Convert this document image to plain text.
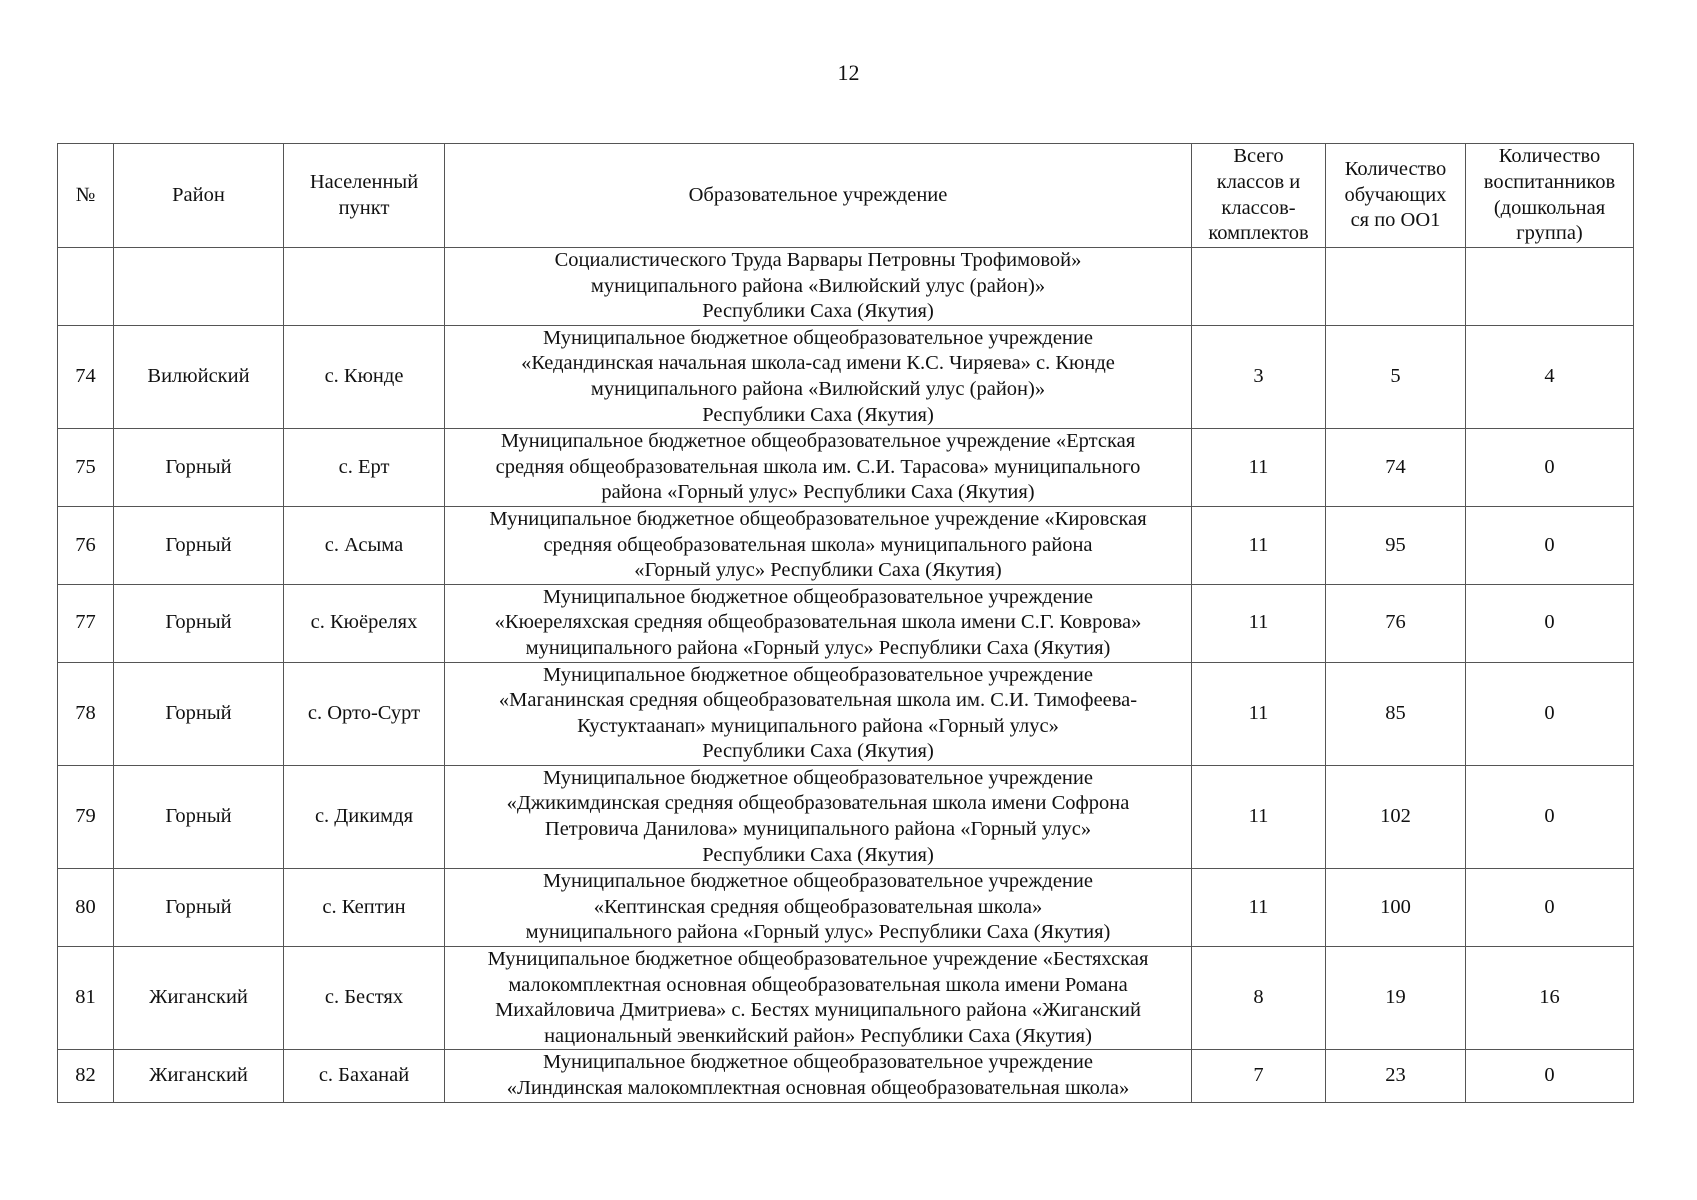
12
№	Район	Населенный
пункт	Образовательное учреждение	Всего
классов и
классов-
комплектов	Количество
обучающих
ся по ОО1	Количество
воспитанников
(дошкольная
группа)
			Социалистического Труда Варвары Петровны Трофимовой»
муниципального района «Вилюйский улус (район)»
Республики Саха (Якутия)			
74	Вилюйский	с. Кюнде	Муниципальное бюджетное общеобразовательное учреждение
«Кедандинская начальная школа-сад имени К.С. Чиряева» с. Кюнде
муниципального района «Вилюйский улус (район)»
Республики Саха (Якутия)	3	5	4
75	Горный	с. Ерт	Муниципальное бюджетное общеобразовательное учреждение «Ертская
средняя общеобразовательная школа им. С.И. Тарасова» муниципального
района «Горный улус» Республики Саха (Якутия)	11	74	0
76	Горный	с. Асыма	Муниципальное бюджетное общеобразовательное учреждение «Кировская
средняя общеобразовательная школа» муниципального района
«Горный улус» Республики Саха (Якутия)	11	95	0
77	Горный	с. Кюёрелях	Муниципальное бюджетное общеобразовательное учреждение
«Кюереляхская средняя общеобразовательная школа имени С.Г. Коврова»
муниципального района «Горный улус» Республики Саха (Якутия)	11	76	0
78	Горный	с. Орто-Сурт	Муниципальное бюджетное общеобразовательное учреждение
«Маганинская средняя общеобразовательная школа им. С.И. Тимофеева-
Кустуктаанап» муниципального района «Горный улус»
Республики Саха (Якутия)	11	85	0
79	Горный	с. Дикимдя	Муниципальное бюджетное общеобразовательное учреждение
«Джикимдинская средняя общеобразовательная школа имени Софрона
Петровича Данилова» муниципального района «Горный улус»
Республики Саха (Якутия)	11	102	0
80	Горный	с. Кептин	Муниципальное бюджетное общеобразовательное учреждение
«Кептинская средняя общеобразовательная школа»
муниципального района «Горный улус» Республики Саха (Якутия)	11	100	0
81	Жиганский	с. Бестях	Муниципальное бюджетное общеобразовательное учреждение «Бестяхская
малокомплектная основная общеобразовательная школа имени Романа
Михайловича Дмитриева» с. Бестях муниципального района «Жиганский
национальный эвенкийский район» Республики Саха (Якутия)	8	19	16
82	Жиганский	с. Баханай	Муниципальное бюджетное общеобразовательное учреждение
«Линдинская малокомплектная основная общеобразовательная школа»	7	23	0
